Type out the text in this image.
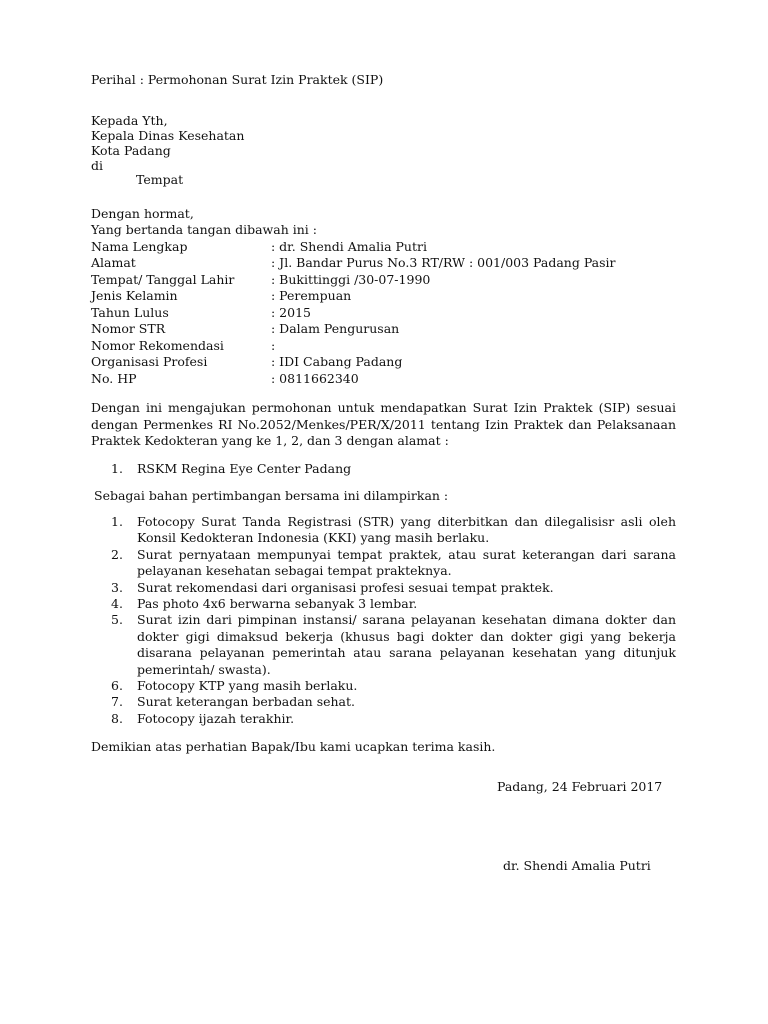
Perihal : Permohonan Surat Izin Praktek (SIP)
Kepada Yth,
Kepala Dinas Kesehatan
Kota Padang
di
Tempat
Dengan hormat,
Yang bertanda tangan dibawah ini :
Nama Lengkap	: dr. Shendi Amalia Putri
Alamat	: Jl. Bandar Purus No.3 RT/RW : 001/003 Padang Pasir
Tempat/ Tanggal Lahir	: Bukittinggi /30-07-1990
Jenis Kelamin	: Perempuan
Tahun Lulus	: 2015
Nomor STR	: Dalam Pengurusan
Nomor Rekomendasi	:
Organisasi Profesi	: IDI Cabang Padang
No. HP	: 0811662340
Dengan ini mengajukan permohonan untuk mendapatkan Surat Izin Praktek (SIP) sesuai dengan Permenkes RI No.2052/Menkes/PER/X/2011 tentang Izin Praktek dan Pelaksanaan Praktek Kedokteran yang ke 1, 2, dan 3 dengan alamat :
1. RSKM Regina Eye Center Padang
Sebagai bahan pertimbangan bersama ini dilampirkan :
1. Fotocopy Surat Tanda Registrasi (STR) yang diterbitkan dan dilegalisisr asli oleh Konsil Kedokteran Indonesia (KKI) yang masih berlaku.
2. Surat pernyataan mempunyai tempat praktek, atau surat keterangan dari sarana pelayanan kesehatan sebagai tempat prakteknya.
3. Surat rekomendasi dari organisasi profesi sesuai tempat praktek.
4. Pas photo 4x6 berwarna sebanyak 3 lembar.
5. Surat izin dari pimpinan instansi/ sarana pelayanan kesehatan dimana dokter dan dokter gigi dimaksud bekerja (khusus bagi dokter dan dokter gigi yang bekerja disarana pelayanan pemerintah atau sarana pelayanan kesehatan yang ditunjuk pemerintah/ swasta).
6. Fotocopy KTP yang masih berlaku.
7. Surat keterangan berbadan sehat.
8. Fotocopy ijazah terakhir.
Demikian atas perhatian Bapak/Ibu kami ucapkan terima kasih.
Padang, 24 Februari 2017
dr. Shendi Amalia Putri
